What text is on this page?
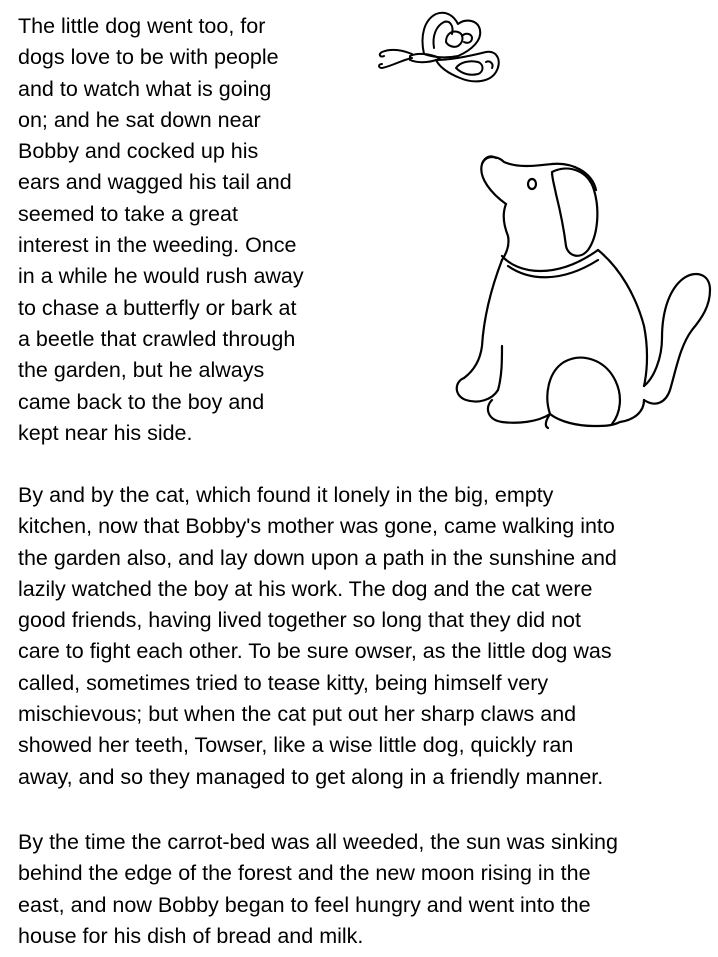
The little dog went too, for
dogs love to be with people
and to watch what is going
on; and he sat down near
Bobby and cocked up his
ears and wagged his tail and
seemed to take a great
interest in the weeding. Once
in a while he would rush away
to chase a butterfly or bark at
a beetle that crawled through
the garden, but he always
came back to the boy and
kept near his side.
By and by the cat, which found it lonely in the big, empty
kitchen, now that Bobby's mother was gone, came walking into
the garden also, and lay down upon a path in the sunshine and
lazily watched the boy at his work. The dog and the cat were
good friends, having lived together so long that they did not
care to fight each other. To be sure owser, as the little dog was
called, sometimes tried to tease kitty, being himself very
mischievous; but when the cat put out her sharp claws and
showed her teeth, Towser, like a wise little dog, quickly ran
away, and so they managed to get along in a friendly manner.
By the time the carrot-bed was all weeded, the sun was sinking
behind the edge of the forest and the new moon rising in the
east, and now Bobby began to feel hungry and went into the
house for his dish of bread and milk.
